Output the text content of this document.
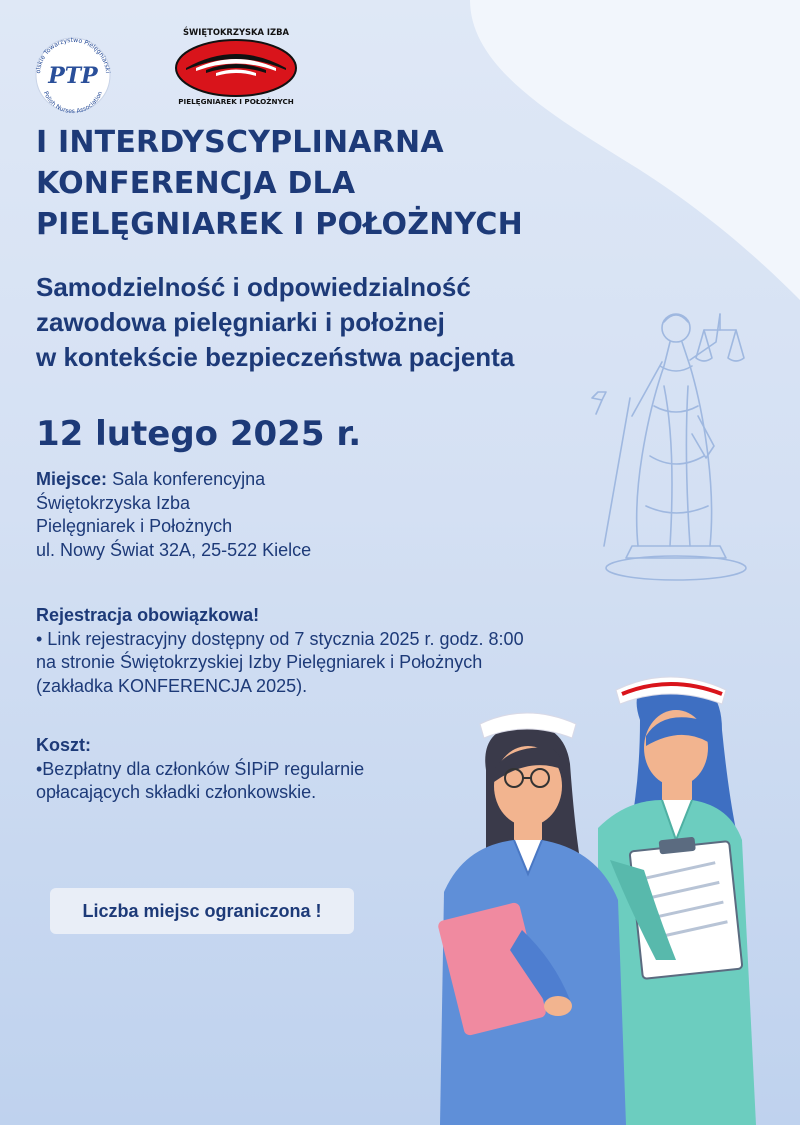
olskie Towarzystwo Pielęgniarski
Polish Nurses Association
PTP
ŚWIĘTOKRZYSKA IZBA
PIELĘGNIAREK I POŁOŻNYCH
I INTERDYSCYPLINARNA
KONFERENCJA DLA
PIELĘGNIAREK I POŁOŻNYCH
Samodzielność i odpowiedzialność
zawodowa pielęgniarki i położnej
w kontekście bezpieczeństwa pacjenta
12 lutego 2025 r.
Miejsce: Sala konferencyjna
Świętokrzyska Izba
Pielęgniarek i Położnych
ul. Nowy Świat 32A, 25-522 Kielce
Rejestracja obowiązkowa!
• Link rejestracyjny dostępny od 7 stycznia 2025 r. godz. 8:00
na stronie Świętokrzyskiej Izby Pielęgniarek i Położnych
(zakładka KONFERENCJA 2025).
Koszt:
•Bezpłatny dla członków ŚIPiP regularnie
opłacających składki członkowskie.
Liczba miejsc ograniczona !
